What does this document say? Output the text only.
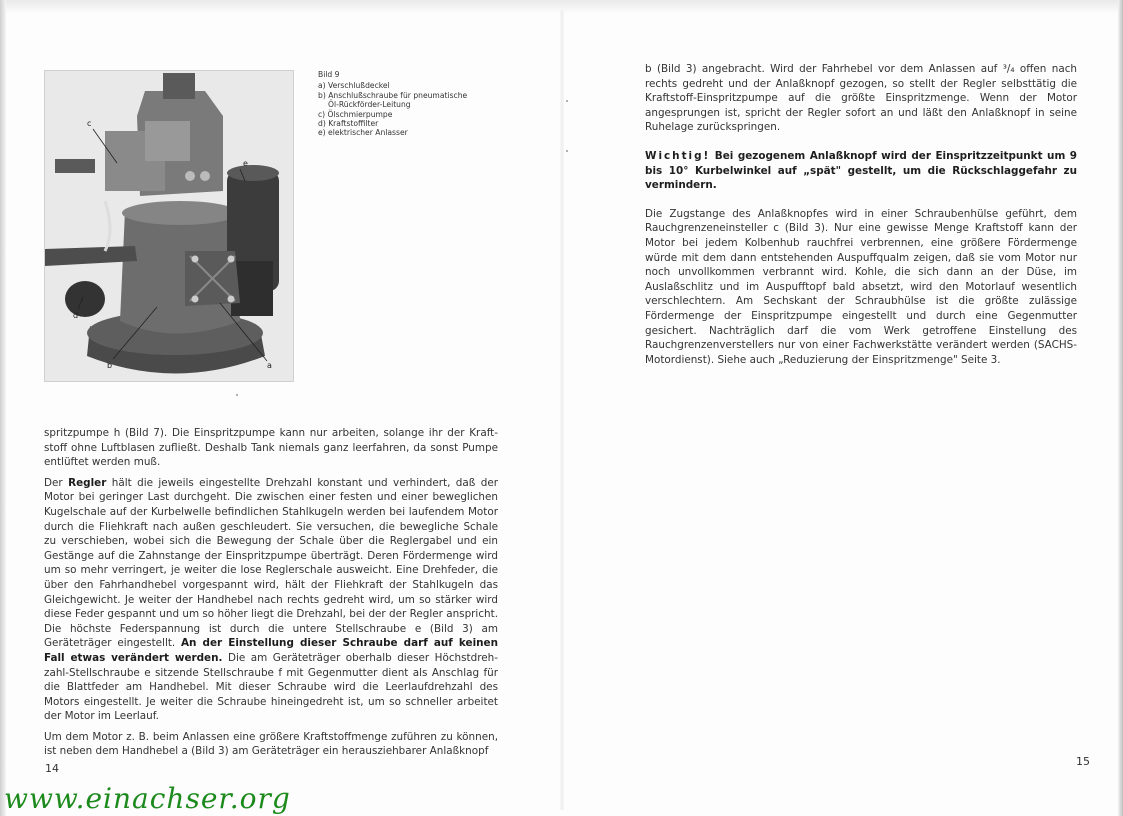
c
e
d
b	a
Bild 9
a) Verschlußdeckel
b) Anschlußschraube für pneumatische
Öl-Rückförder-Leitung
c) Ölschmierpumpe
d) Kraftstoffilter
e) elektrischer Anlasser

spritzpumpe h (Bild 7). Die Einspritzpumpe kann nur arbeiten, solange ihr der Kraftstoff ohne Luftblasen zufließt. Deshalb Tank niemals ganz leerfahren, da sonst Pumpe entlüftet werden muß.

Der Regler hält die jeweils eingestellte Drehzahl konstant und verhindert, daß der Motor bei geringer Last durchgeht. Die zwischen einer festen und einer beweglichen Kugelschale auf der Kurbelwelle befindlichen Stahlkugeln werden bei laufendem Motor durch die Fliehkraft nach außen geschleudert. Sie versuchen, die bewegliche Schale zu verschieben, wobei sich die Bewegung der Schale über die Reglergabel und ein Gestänge auf die Zahnstange der Einspritzpumpe überträgt. Deren Fördermenge wird um so mehr verringert, je weiter die lose Reglerschale ausweicht. Eine Drehfeder, die über den Fahrhandhebel vorgespannt wird, hält der Fliehkraft der Stahlkugeln das Gleichgewicht. Je weiter der Handhebel nach rechts gedreht wird, um so stärker wird diese Feder gespannt und um so höher liegt die Drehzahl, bei der der Regler anspricht. Die höchste Federspannung ist durch die untere Stellschraube e (Bild 3) am Geräteträger eingestellt. An der Einstellung dieser Schraube darf auf keinen Fall etwas verändert werden. Die am Geräteträger oberhalb dieser Höchstdrehzahl-Stellschraube e sitzende Stellschraube f mit Gegenmutter dient als Anschlag für die Blattfeder am Handhebel. Mit dieser Schraube wird die Leerlaufdrehzahl des Motors eingestellt. Je weiter die Schraube hineingedreht ist, um so schneller arbeitet der Motor im Leerlauf.

Um dem Motor z. B. beim Anlassen eine größere Kraftstoffmenge zuführen zu können, ist neben dem Handhebel a (Bild 3) am Geräteträger ein herausziehbarer Anlaßknopf

14

b (Bild 3) angebracht. Wird der Fahrhebel vor dem Anlassen auf ³/₄ offen nach rechts gedreht und der Anlaßknopf gezogen, so stellt der Regler selbsttätig die Kraftstoff-Einspritzpumpe auf die größte Einspritzmenge. Wenn der Motor angesprungen ist, spricht der Regler sofort an und läßt den Anlaßknopf in seine Ruhelage zurückspringen.

Wichtig! Bei gezogenem Anlaßknopf wird der Einspritzzeitpunkt um 9 bis 10° Kurbelwinkel auf „spät" gestellt, um die Rückschlaggefahr zu vermindern.

Die Zugstange des Anlaßknopfes wird in einer Schraubenhülse geführt, dem Rauchgrenzeneinsteller c (Bild 3). Nur eine gewisse Menge Kraftstoff kann der Motor bei jedem Kolbenhub rauchfrei verbrennen, eine größere Fördermenge würde mit dem dann entstehenden Auspuffqualm zeigen, daß sie vom Motor nur noch unvollkommen verbrannt wird. Kohle, die sich dann an der Düse, im Auslaßschlitz und im Auspufftopf bald absetzt, wird den Motorlauf wesentlich verschlechtern. Am Sechskant der Schraubhülse ist die größte zulässige Fördermenge der Einspritzpumpe eingestellt und durch eine Gegenmutter gesichert. Nachträglich darf die vom Werk getroffene Einstellung des Rauchgrenzenverstellers nur von einer Fachwerkstätte verändert werden (SACHS-Motordienst). Siehe auch „Reduzierung der Einspritzmenge" Seite 3.

15
www.einachser.org
